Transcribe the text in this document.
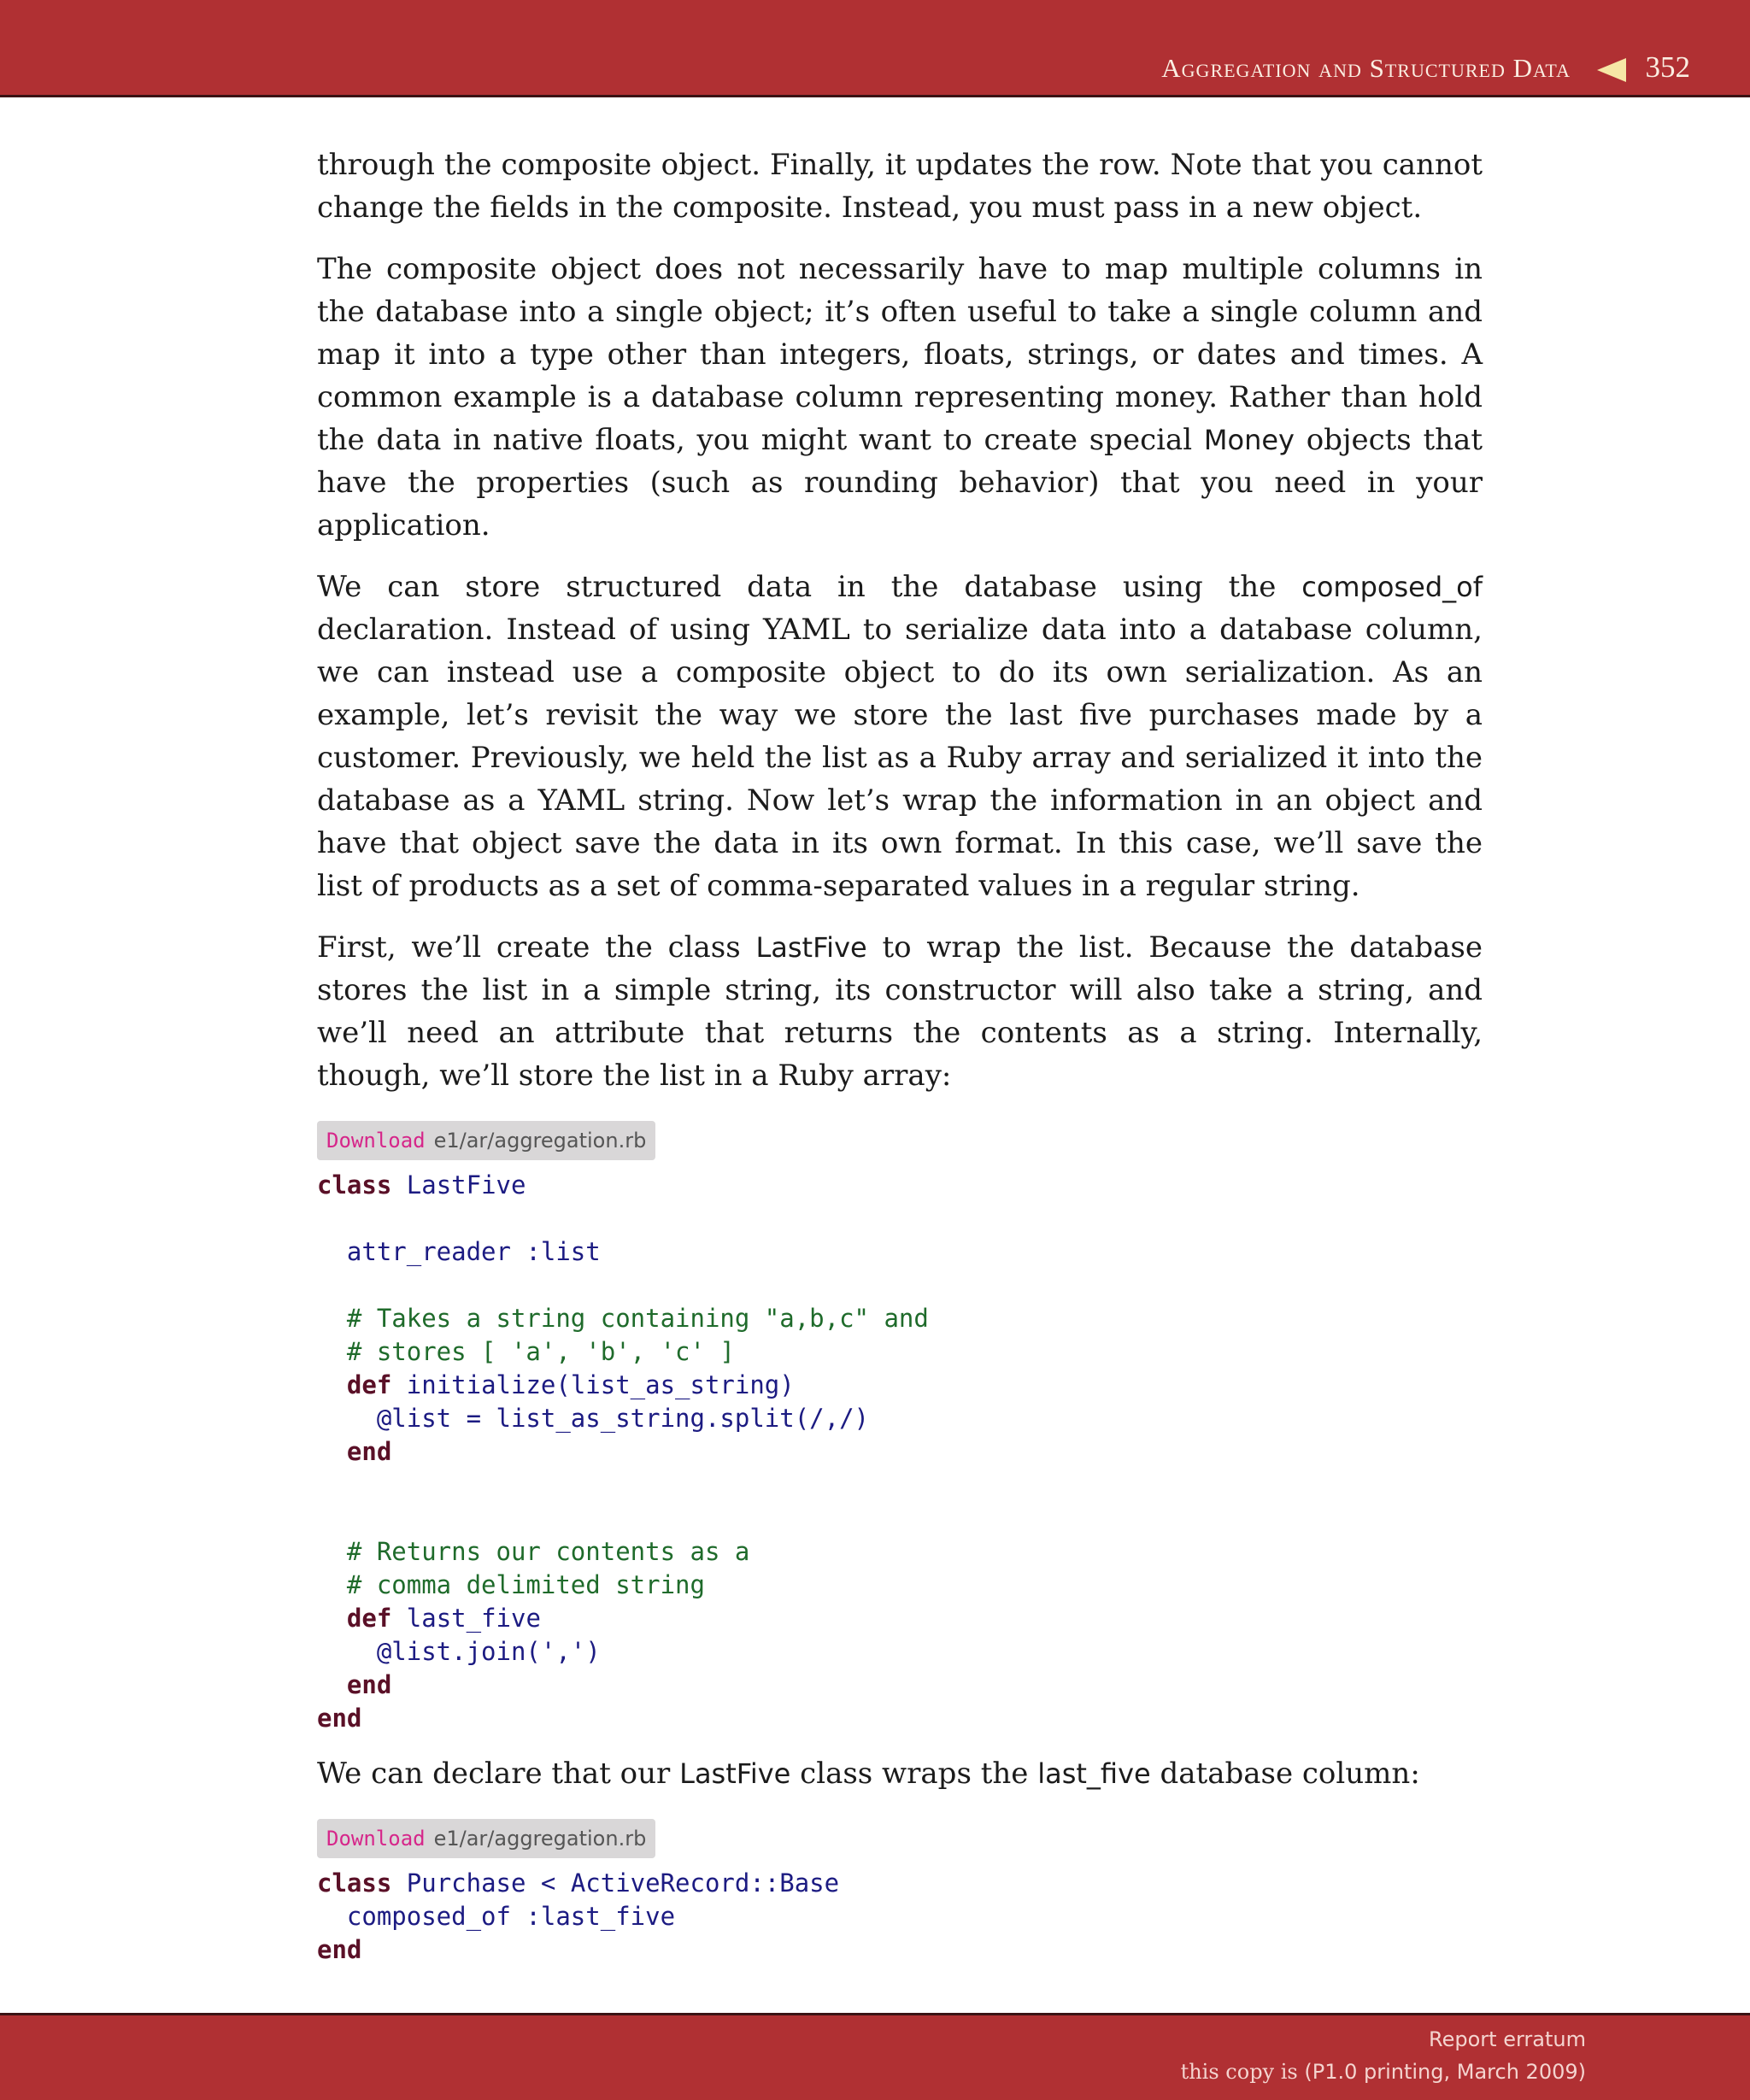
Aggregation and Structured Data	352

through the composite object. Finally, it updates the row. Note that you cannot change the fields in the composite. Instead, you must pass in a new object.

The composite object does not necessarily have to map multiple columns in the database into a single object; it’s often useful to take a single column and map it into a type other than integers, floats, strings, or dates and times. A common example is a database column representing money. Rather than hold the data in native floats, you might want to create special Money objects that have the properties (such as rounding behavior) that you need in your application.

We can store structured data in the database using the composed_of declaration. Instead of using YAML to serialize data into a database column, we can instead use a composite object to do its own serialization. As an example, let’s revisit the way we store the last five purchases made by a customer. Previously, we held the list as a Ruby array and serialized it into the database as a YAML string. Now let’s wrap the information in an object and have that object save the data in its own format. In this case, we’ll save the list of products as a set of comma-separated values in a regular string.

First, we’ll create the class LastFive to wrap the list. Because the database stores the list in a simple string, its constructor will also take a string, and we’ll need an attribute that returns the contents as a string. Internally, though, we’ll store the list in a Ruby array:

Download e1/ar/aggregation.rb
class LastFive
attr_reader :list
# Takes a string containing "a,b,c" and
# stores [ 'a', 'b', 'c' ]
def initialize(list_as_string)
@list = list_as_string.split(/,/)
end
# Returns our contents as a
# comma delimited string
def last_five
@list.join(',')
end
end

We can declare that our LastFive class wraps the last_five database column:

Download e1/ar/aggregation.rb
class Purchase < ActiveRecord::Base
composed_of :last_five
end
Report erratum
this copy is (P1.0 printing, March 2009)
